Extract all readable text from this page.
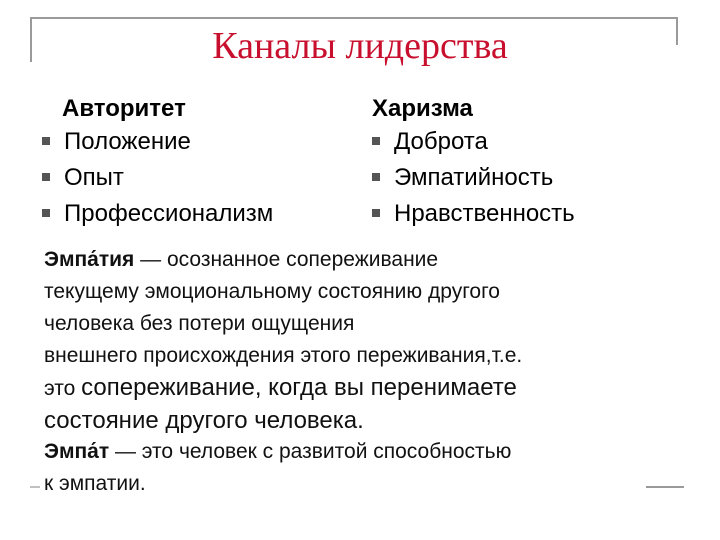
Каналы лидерства
Авторитет
Положение
Опыт
Профессионализм
Харизма
Доброта
Эмпатийность
Нравственность
Эмпа́тия — осознанное сопереживание
текущему эмоциональному состоянию другого
человека без потери ощущения
внешнего происхождения этого переживания,т.е.
это сопереживание, когда вы перенимаете
состояние другого человека.
Эмпа́т — это человек с развитой способностью
к эмпатии.
